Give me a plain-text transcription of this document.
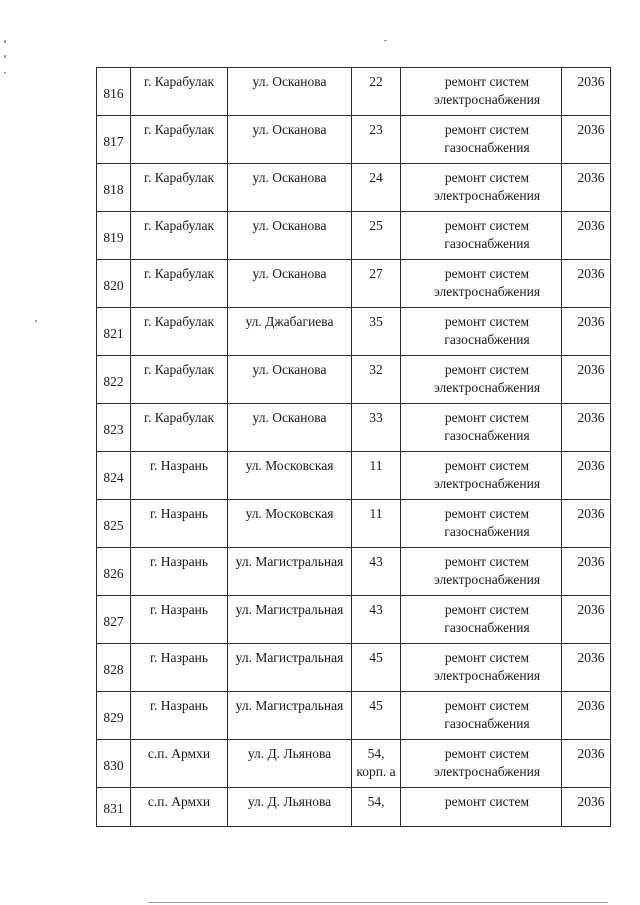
816	г. Карабулак	ул. Осканова	22	ремонт систем
электроснабжения	2036

817	г. Карабулак	ул. Осканова	23	ремонт систем
газоснабжения	2036

818	г. Карабулак	ул. Осканова	24	ремонт систем
электроснабжения	2036

819	г. Карабулак	ул. Осканова	25	ремонт систем
газоснабжения	2036

820	г. Карабулак	ул. Осканова	27	ремонт систем
электроснабжения	2036

821	г. Карабулак	ул. Джабагиева	35	ремонт систем
газоснабжения	2036

822	г. Карабулак	ул. Осканова	32	ремонт систем
электроснабжения	2036

823	г. Карабулак	ул. Осканова	33	ремонт систем
газоснабжения	2036

824	г. Назрань	ул. Московская	11	ремонт систем
электроснабжения	2036

825	г. Назрань	ул. Московская	11	ремонт систем
газоснабжения	2036

826	г. Назрань	ул. Магистральная	43	ремонт систем
электроснабжения	2036

827	г. Назрань	ул. Магистральная	43	ремонт систем
газоснабжения	2036

828	г. Назрань	ул. Магистральная	45	ремонт систем
электроснабжения	2036

829	г. Назрань	ул. Магистральная	45	ремонт систем
газоснабжения	2036

830	с.п. Армхи	ул. Д. Льянова	54,
корп. а	ремонт систем
электроснабжения	2036

831	с.п. Армхи	ул. Д. Льянова	54,	ремонт систем	2036
